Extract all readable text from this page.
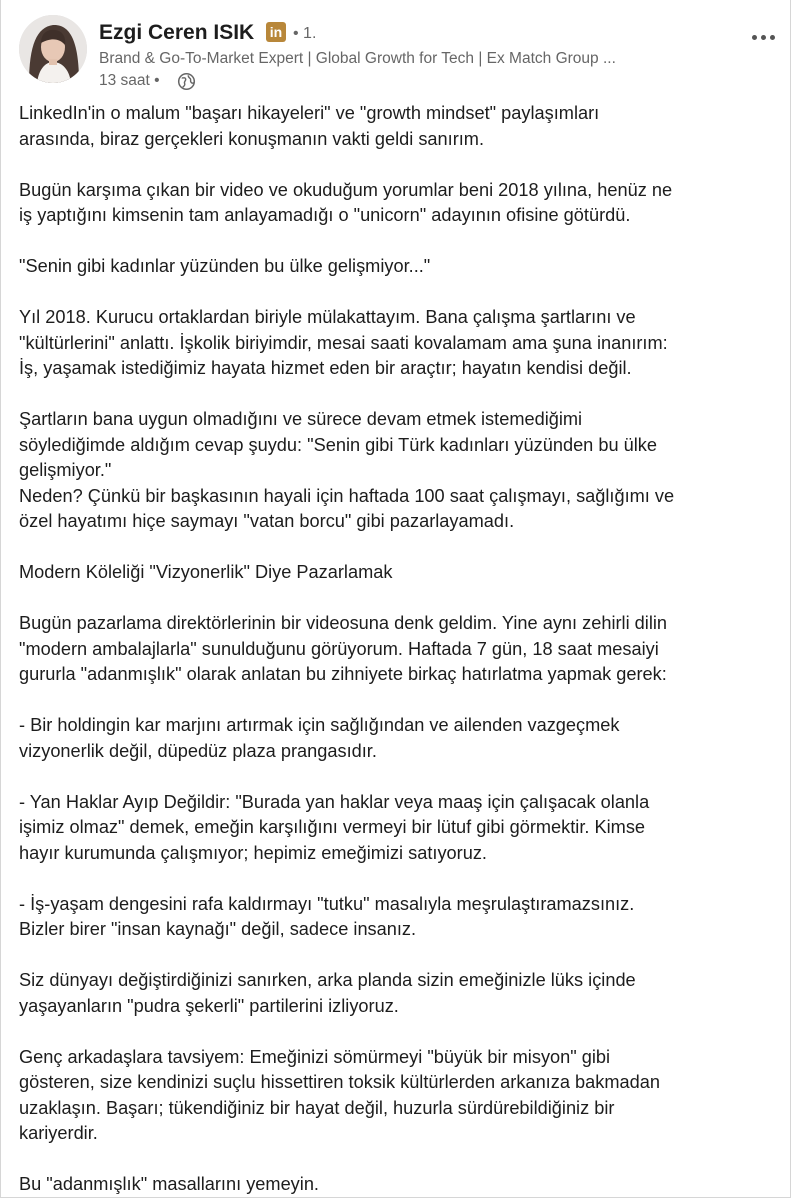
Ezgi Ceren ISIK in • 1.
Brand & Go-To-Market Expert | Global Growth for Tech | Ex Match Group ...
13 saat •

LinkedIn'in o malum "başarı hikayeleri" ve "growth mindset" paylaşımları
arasında, biraz gerçekleri konuşmanın vakti geldi sanırım.

Bugün karşıma çıkan bir video ve okuduğum yorumlar beni 2018 yılına, henüz ne
iş yaptığını kimsenin tam anlayamadığı o "unicorn" adayının ofisine götürdü.

"Senin gibi kadınlar yüzünden bu ülke gelişmiyor..."

Yıl 2018. Kurucu ortaklardan biriyle mülakattayım. Bana çalışma şartlarını ve
"kültürlerini" anlattı. İşkolik biriyimdir, mesai saati kovalamam ama şuna inanırım:
İş, yaşamak istediğimiz hayata hizmet eden bir araçtır; hayatın kendisi değil.

Şartların bana uygun olmadığını ve sürece devam etmek istemediğimi
söylediğimde aldığım cevap şuydu: "Senin gibi Türk kadınları yüzünden bu ülke
gelişmiyor."
Neden? Çünkü bir başkasının hayali için haftada 100 saat çalışmayı, sağlığımı ve
özel hayatımı hiçe saymayı "vatan borcu" gibi pazarlayamadı.

Modern Köleliği "Vizyonerlik" Diye Pazarlamak

Bugün pazarlama direktörlerinin bir videosuna denk geldim. Yine aynı zehirli dilin
"modern ambalajlarla" sunulduğunu görüyorum. Haftada 7 gün, 18 saat mesaiyi
gururla "adanmışlık" olarak anlatan bu zihniyete birkaç hatırlatma yapmak gerek:

- Bir holdingin kar marjını artırmak için sağlığından ve ailenden vazgeçmek
vizyonerlik değil, düpedüz plaza prangasıdır.

- Yan Haklar Ayıp Değildir: "Burada yan haklar veya maaş için çalışacak olanla
işimiz olmaz" demek, emeğin karşılığını vermeyi bir lütuf gibi görmektir. Kimse
hayır kurumunda çalışmıyor; hepimiz emeğimizi satıyoruz.

- İş-yaşam dengesini rafa kaldırmayı "tutku" masalıyla meşrulaştıramazsınız.
Bizler birer "insan kaynağı" değil, sadece insanız.

Siz dünyayı değiştirdiğinizi sanırken, arka planda sizin emeğinizle lüks içinde
yaşayanların "pudra şekerli" partilerini izliyoruz.

Genç arkadaşlara tavsiyem: Emeğinizi sömürmeyi "büyük bir misyon" gibi
gösteren, size kendinizi suçlu hissettiren toksik kültürlerden arkanıza bakmadan
uzaklaşın. Başarı; tükendiğiniz bir hayat değil, huzurla sürdürebildiğiniz bir
kariyerdir.

Bu "adanmışlık" masallarını yemeyin.
